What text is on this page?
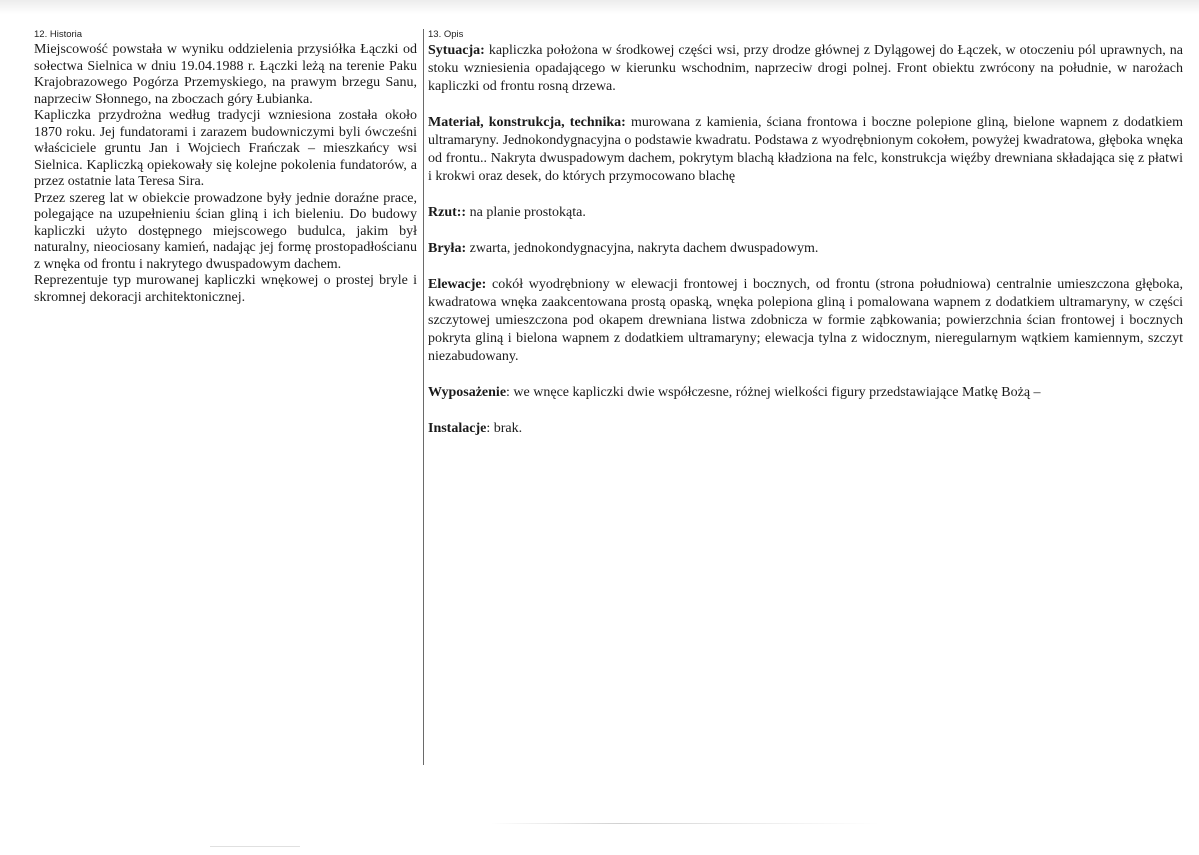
12. Historia

Miejscowość powstała w wyniku oddzielenia przysiółka Łączki od sołectwa Sielnica w dniu 19.04.1988 r. Łączki leżą na terenie Paku Krajobrazowego Pogórza Przemyskiego, na prawym brzegu Sanu, naprzeciw Słonnego, na zboczach góry Łubianka.

Kapliczka przydrożna według tradycji wzniesiona została około 1870 roku. Jej fundatorami i zarazem budowniczymi byli ówcześni właściciele gruntu Jan i Wojciech Frańczak – mieszkańcy wsi Sielnica. Kapliczką opiekowały się kolejne pokolenia fundatorów, a przez ostatnie lata Teresa Sira.

Przez szereg lat w obiekcie prowadzone były jednie doraźne prace, polegające na uzupełnieniu ścian gliną i ich bieleniu. Do budowy kapliczki użyto dostępnego miejscowego budulca, jakim był naturalny, nieociosany kamień, nadając jej formę prostopadłościanu z wnęka od frontu i nakrytego dwuspadowym dachem.

Reprezentuje typ murowanej kapliczki wnękowej o prostej bryle i skromnej dekoracji architektonicznej.

13. Opis

Sytuacja: kapliczka położona w środkowej części wsi, przy drodze głównej z Dylągowej do Łączek, w otoczeniu pól uprawnych, na stoku wzniesienia opadającego w kierunku wschodnim, naprzeciw drogi polnej. Front obiektu zwrócony na południe, w narożach kapliczki od frontu rosną drzewa.

Materiał, konstrukcja, technika: murowana z kamienia, ściana frontowa i boczne polepione gliną, bielone wapnem z dodatkiem ultramaryny. Jednokondygnacyjna o podstawie kwadratu. Podstawa z wyodrębnionym cokołem, powyżej kwadratowa, głęboka wnęka od frontu.. Nakryta dwuspadowym dachem, pokrytym blachą kładziona na felc, konstrukcja więźby drewniana składająca się z płatwi i krokwi oraz desek, do których przymocowano blachę

Rzut:: na planie prostokąta.

Bryła: zwarta, jednokondygnacyjna, nakryta dachem dwuspadowym.

Elewacje: cokół wyodrębniony w elewacji frontowej i bocznych, od frontu (strona południowa) centralnie umieszczona głęboka, kwadratowa wnęka zaakcentowana prostą opaską, wnęka polepiona gliną i pomalowana wapnem z dodatkiem ultramaryny, w części szczytowej umieszczona pod okapem drewniana listwa zdobnicza w formie ząbkowania; powierzchnia ścian frontowej i bocznych pokryta gliną i bielona wapnem z dodatkiem ultramaryny; elewacja tylna z widocznym, nieregularnym wątkiem kamiennym, szczyt niezabudowany.

Wyposażenie: we wnęce kapliczki dwie współczesne, różnej wielkości figury przedstawiające Matkę Bożą –

Instalacje: brak.
